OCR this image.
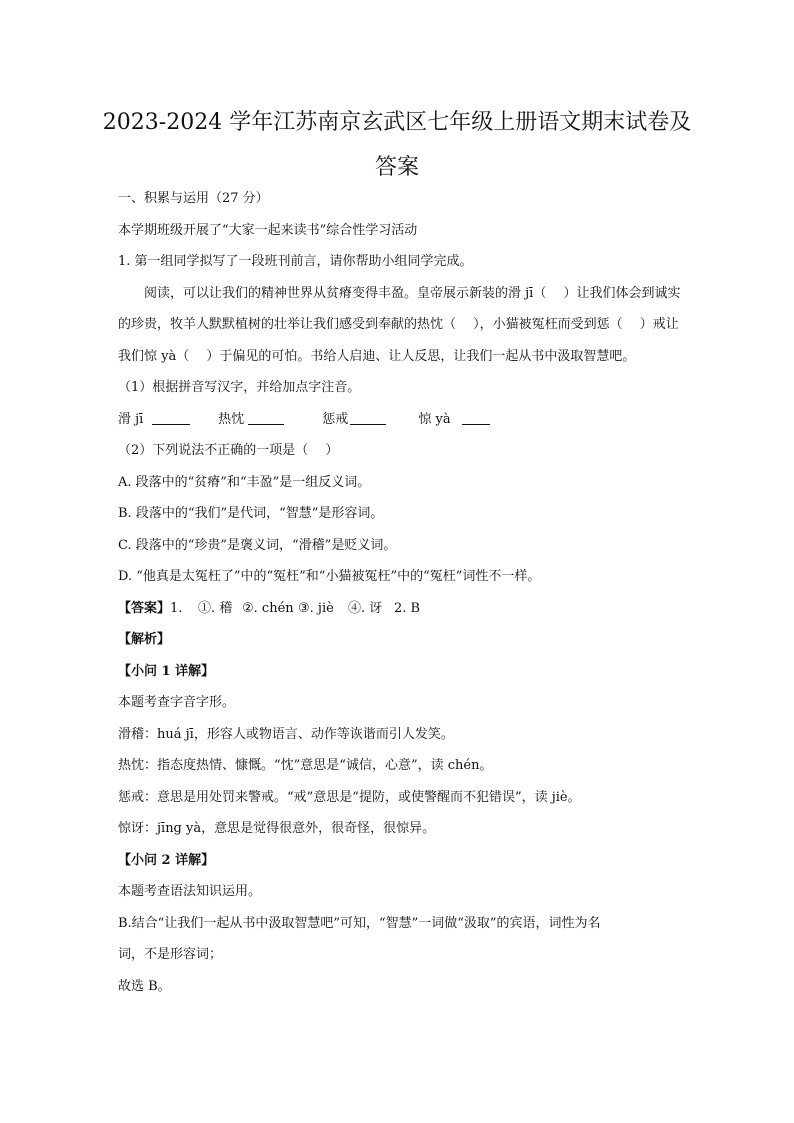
2023-2024 学年江苏南京玄武区七年级上册语文期末试卷及
答案
一、积累与运用（27 分）
本学期班级开展了“大家一起来读书”综合性学习活动
1. 第一组同学拟写了一段班刊前言，请你帮助小组同学完成。
阅读，可以让我们的精神世界从贫瘠变得丰盈。皇帝展示新装的滑 jī（　 ）让我们体会到诚实的珍贵，牧羊人默默植树的壮举让我们感受到奉献的热忱（　 ），小猫被冤枉而受到惩（　 ）戒让我们惊 yà（　 ）于偏见的可怕。书给人启迪、让人反思，让我们一起从书中汲取智慧吧。
（1）根据拼音写汉字，并给加点字注音。
滑 jī	热忱	惩戒	惊 yà
（2）下列说法不正确的一项是（　 ）
A. 段落中的“贫瘠”和“丰盈”是一组反义词。
B. 段落中的“我们”是代词，“智慧”是形容词。
C. 段落中的“珍贵”是褒义词，“滑稽”是贬义词。
D. “他真是太冤枉了”中的“冤枉”和“小猫被冤枉”中的“冤枉”词性不一样。
【答案】1. ①. 稽 ②. chén ③. jiè ④. 讶 2. B
【解析】
【小问 1 详解】
本题考查字音字形。
滑稽：huá jī，形容人或物语言、动作等诙谐而引人发笑。
热忱：指态度热情、慷慨。“忱”意思是“诚信，心意”，读 chén。
惩戒：意思是用处罚来警戒。“戒”意思是“提防，或使警醒而不犯错误”，读 jiè。
惊讶：jīng yà，意思是觉得很意外，很奇怪，很惊异。
【小问 2 详解】
本题考查语法知识运用。
B.结合“让我们一起从书中汲取智慧吧”可知，“智慧”一词做“汲取”的宾语，词性为名
词，不是形容词；
故选 B。
